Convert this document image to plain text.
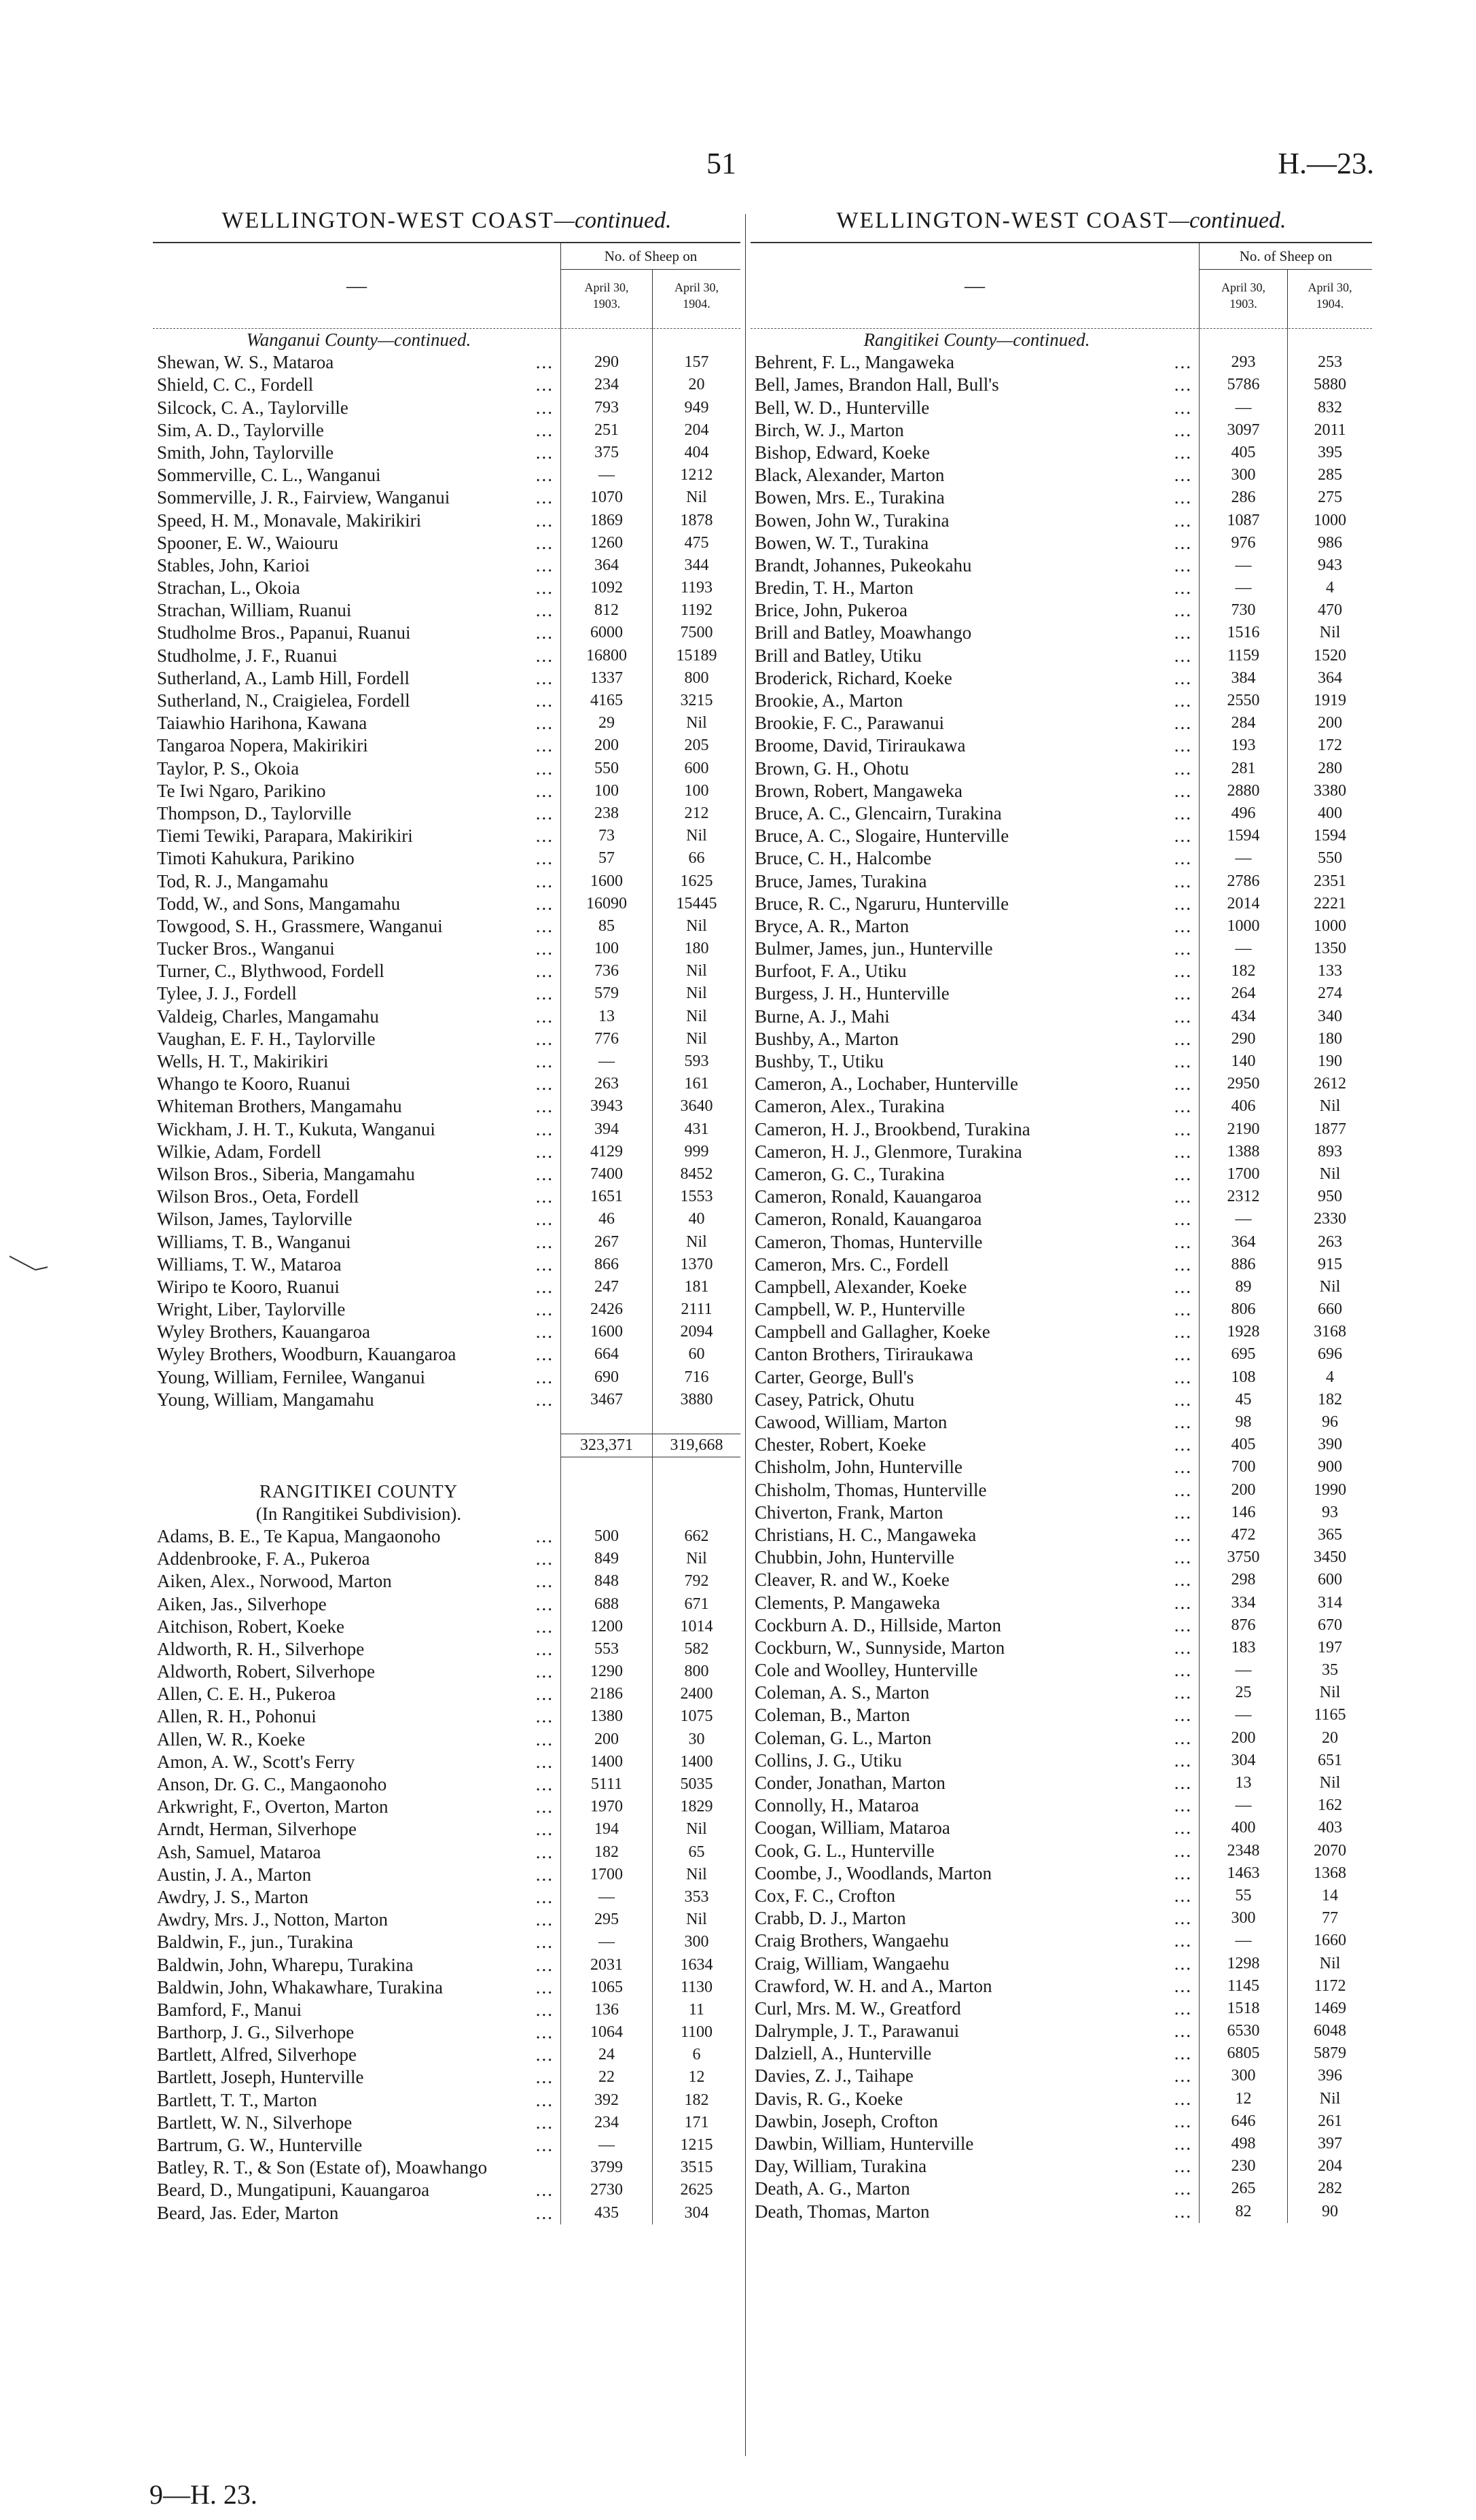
51	H.—23.
WELLINGTON-WEST COAST—continued.
—
No. of Sheep on
April 30,
1903.
April 30,
1904.
Wanganui County—continued.
Shewan, W. S., Mataroa	...	290	157
Shield, C. C., Fordell	...	234	20
Silcock, C. A., Taylorville	...	793	949
Sim, A. D., Taylorville	...	251	204
Smith, John, Taylorville	...	375	404
Sommerville, C. L., Wanganui	...	—	1212
Sommerville, J. R., Fairview, Wanganui	...	1070	Nil
Speed, H. M., Monavale, Makirikiri	...	1869	1878
Spooner, E. W., Waiouru	...	1260	475
Stables, John, Karioi	...	364	344
Strachan, L., Okoia	...	1092	1193
Strachan, William, Ruanui	...	812	1192
Studholme Bros., Papanui, Ruanui	...	6000	7500
Studholme, J. F., Ruanui	...	16800	15189
Sutherland, A., Lamb Hill, Fordell	...	1337	800
Sutherland, N., Craigielea, Fordell	...	4165	3215
Taiawhio Harihona, Kawana	...	29	Nil
Tangaroa Nopera, Makirikiri	...	200	205
Taylor, P. S., Okoia	...	550	600
Te Iwi Ngaro, Parikino	...	100	100
Thompson, D., Taylorville	...	238	212
Tiemi Tewiki, Parapara, Makirikiri	...	73	Nil
Timoti Kahukura, Parikino	...	57	66
Tod, R. J., Mangamahu	...	1600	1625
Todd, W., and Sons, Mangamahu	...	16090	15445
Towgood, S. H., Grassmere, Wanganui	...	85	Nil
Tucker Bros., Wanganui	...	100	180
Turner, C., Blythwood, Fordell	...	736	Nil
Tylee, J. J., Fordell	...	579	Nil
Valdeig, Charles, Mangamahu	...	13	Nil
Vaughan, E. F. H., Taylorville	...	776	Nil
Wells, H. T., Makirikiri	...	—	593
Whango te Kooro, Ruanui	...	263	161
Whiteman Brothers, Mangamahu	...	3943	3640
Wickham, J. H. T., Kukuta, Wanganui	...	394	431
Wilkie, Adam, Fordell	...	4129	999
Wilson Bros., Siberia, Mangamahu	...	7400	8452
Wilson Bros., Oeta, Fordell	...	1651	1553
Wilson, James, Taylorville	...	46	40
Williams, T. B., Wanganui	...	267	Nil
Williams, T. W., Mataroa	...	866	1370
Wiripo te Kooro, Ruanui	...	247	181
Wright, Liber, Taylorville	...	2426	2111
Wyley Brothers, Kauangaroa	...	1600	2094
Wyley Brothers, Woodburn, Kauangaroa	...	664	60
Young, William, Fernilee, Wanganui	...	690	716
Young, William, Mangamahu	...	3467	3880
323,371	319,668
RANGITIKEI COUNTY
(In Rangitikei Subdivision).
Adams, B. E., Te Kapua, Mangaonoho	...	500	662
Addenbrooke, F. A., Pukeroa	...	849	Nil
Aiken, Alex., Norwood, Marton	...	848	792
Aiken, Jas., Silverhope	...	688	671
Aitchison, Robert, Koeke	...	1200	1014
Aldworth, R. H., Silverhope	...	553	582
Aldworth, Robert, Silverhope	...	1290	800
Allen, C. E. H., Pukeroa	...	2186	2400
Allen, R. H., Pohonui	...	1380	1075
Allen, W. R., Koeke	...	200	30
Amon, A. W., Scott's Ferry	...	1400	1400
Anson, Dr. G. C., Mangaonoho	...	5111	5035
Arkwright, F., Overton, Marton	...	1970	1829
Arndt, Herman, Silverhope	...	194	Nil
Ash, Samuel, Mataroa	...	182	65
Austin, J. A., Marton	...	1700	Nil
Awdry, J. S., Marton	...	—	353
Awdry, Mrs. J., Notton, Marton	...	295	Nil
Baldwin, F., jun., Turakina	...	—	300
Baldwin, John, Wharepu, Turakina	...	2031	1634
Baldwin, John, Whakawhare, Turakina	...	1065	1130
Bamford, F., Manui	...	136	11
Barthorp, J. G., Silverhope	...	1064	1100
Bartlett, Alfred, Silverhope	...	24	6
Bartlett, Joseph, Hunterville	...	22	12
Bartlett, T. T., Marton	...	392	182
Bartlett, W. N., Silverhope	...	234	171
Bartrum, G. W., Hunterville	...	—	1215
Batley, R. T., & Son (Estate of), Moawhango	3799	3515
Beard, D., Mungatipuni, Kauangaroa	...	2730	2625
Beard, Jas. Eder, Marton	...	435	304
WELLINGTON-WEST COAST—continued.
—
No. of Sheep on
April 30,
1903.
April 30,
1904.
Rangitikei County—continued.
Behrent, F. L., Mangaweka	...	293	253
Bell, James, Brandon Hall, Bull's	...	5786	5880
Bell, W. D., Hunterville	...	—	832
Birch, W. J., Marton	...	3097	2011
Bishop, Edward, Koeke	...	405	395
Black, Alexander, Marton	...	300	285
Bowen, Mrs. E., Turakina	...	286	275
Bowen, John W., Turakina	...	1087	1000
Bowen, W. T., Turakina	...	976	986
Brandt, Johannes, Pukeokahu	...	—	943
Bredin, T. H., Marton	...	—	4
Brice, John, Pukeroa	...	730	470
Brill and Batley, Moawhango	...	1516	Nil
Brill and Batley, Utiku	...	1159	1520
Broderick, Richard, Koeke	...	384	364
Brookie, A., Marton	...	2550	1919
Brookie, F. C., Parawanui	...	284	200
Broome, David, Tiriraukawa	...	193	172
Brown, G. H., Ohotu	...	281	280
Brown, Robert, Mangaweka	...	2880	3380
Bruce, A. C., Glencairn, Turakina	...	496	400
Bruce, A. C., Slogaire, Hunterville	...	1594	1594
Bruce, C. H., Halcombe	...	—	550
Bruce, James, Turakina	...	2786	2351
Bruce, R. C., Ngaruru, Hunterville	...	2014	2221
Bryce, A. R., Marton	...	1000	1000
Bulmer, James, jun., Hunterville	...	—	1350
Burfoot, F. A., Utiku	...	182	133
Burgess, J. H., Hunterville	...	264	274
Burne, A. J., Mahi	...	434	340
Bushby, A., Marton	...	290	180
Bushby, T., Utiku	...	140	190
Cameron, A., Lochaber, Hunterville	...	2950	2612
Cameron, Alex., Turakina	...	406	Nil
Cameron, H. J., Brookbend, Turakina	...	2190	1877
Cameron, H. J., Glenmore, Turakina	...	1388	893
Cameron, G. C., Turakina	...	1700	Nil
Cameron, Ronald, Kauangaroa	...	2312	950
Cameron, Ronald, Kauangaroa	...	—	2330
Cameron, Thomas, Hunterville	...	364	263
Cameron, Mrs. C., Fordell	...	886	915
Campbell, Alexander, Koeke	...	89	Nil
Campbell, W. P., Hunterville	...	806	660
Campbell and Gallagher, Koeke	...	1928	3168
Canton Brothers, Tiriraukawa	...	695	696
Carter, George, Bull's	...	108	4
Casey, Patrick, Ohutu	...	45	182
Cawood, William, Marton	...	98	96
Chester, Robert, Koeke	...	405	390
Chisholm, John, Hunterville	...	700	900
Chisholm, Thomas, Hunterville	...	200	1990
Chiverton, Frank, Marton	...	146	93
Christians, H. C., Mangaweka	...	472	365
Chubbin, John, Hunterville	...	3750	3450
Cleaver, R. and W., Koeke	...	298	600
Clements, P. Mangaweka	...	334	314
Cockburn A. D., Hillside, Marton	...	876	670
Cockburn, W., Sunnyside, Marton	...	183	197
Cole and Woolley, Hunterville	...	—	35
Coleman, A. S., Marton	...	25	Nil
Coleman, B., Marton	...	—	1165
Coleman, G. L., Marton	...	200	20
Collins, J. G., Utiku	...	304	651
Conder, Jonathan, Marton	...	13	Nil
Connolly, H., Mataroa	...	—	162
Coogan, William, Mataroa	...	400	403
Cook, G. L., Hunterville	...	2348	2070
Coombe, J., Woodlands, Marton	...	1463	1368
Cox, F. C., Crofton	...	55	14
Crabb, D. J., Marton	...	300	77
Craig Brothers, Wangaehu	...	—	1660
Craig, William, Wangaehu	...	1298	Nil
Crawford, W. H. and A., Marton	...	1145	1172
Curl, Mrs. M. W., Greatford	...	1518	1469
Dalrymple, J. T., Parawanui	...	6530	6048
Dalziell, A., Hunterville	...	6805	5879
Davies, Z. J., Taihape	...	300	396
Davis, R. G., Koeke	...	12	Nil
Dawbin, Joseph, Crofton	...	646	261
Dawbin, William, Hunterville	...	498	397
Day, William, Turakina	...	230	204
Death, A. G., Marton	...	265	282
Death, Thomas, Marton	...	82	90
9—H. 23.
